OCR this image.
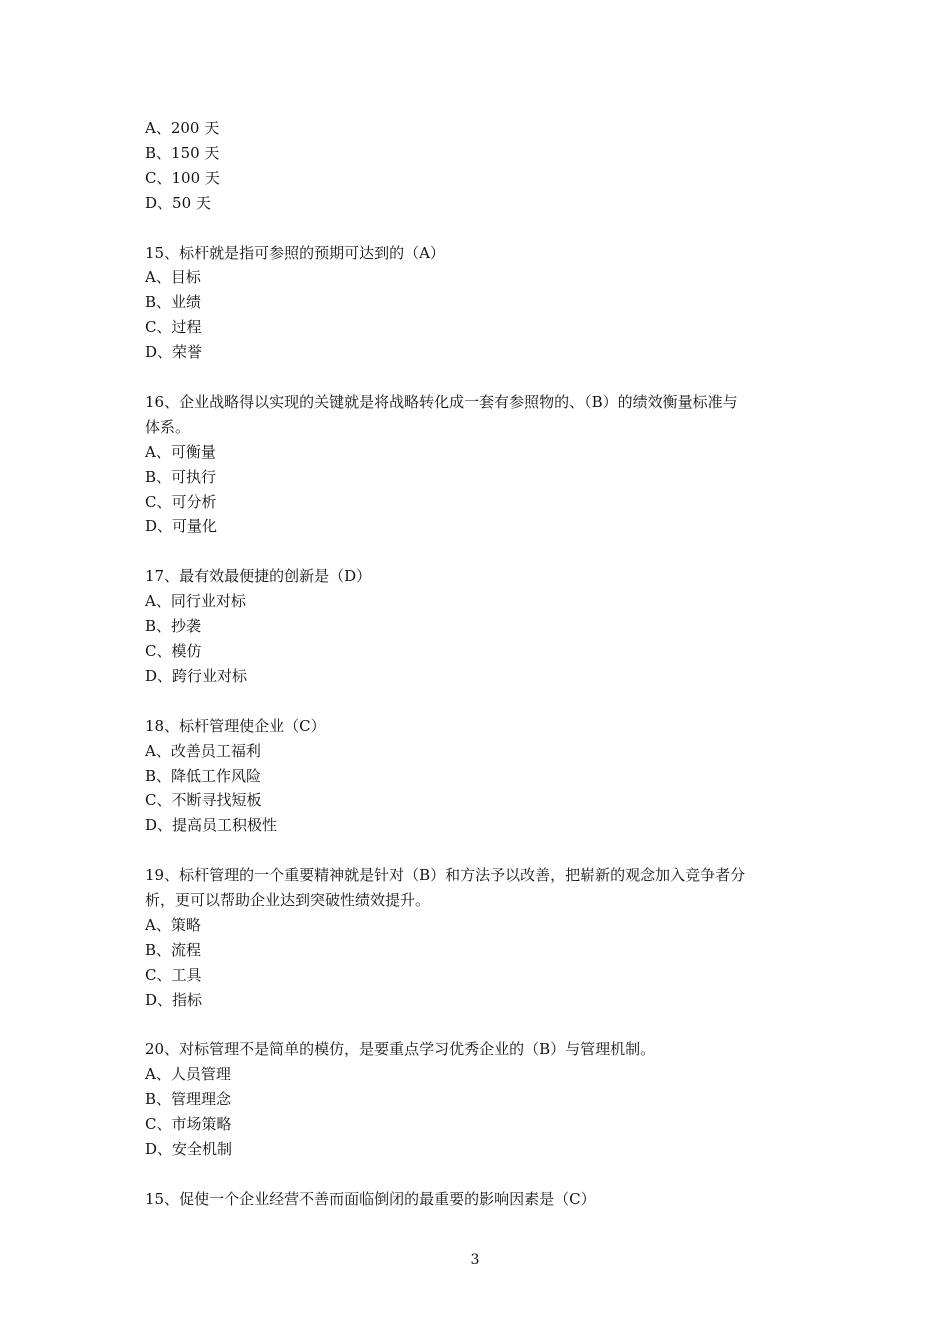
A、200 天
B、150 天
C、100 天
D、50 天
15、标杆就是指可参照的预期可达到的（A）
A、目标
B、业绩
C、过程
D、荣誉
16、企业战略得以实现的关键就是将战略转化成一套有参照物的、（B）的绩效衡量标准与
体系。
A、可衡量
B、可执行
C、可分析
D、可量化
17、最有效最便捷的创新是（D）
A、同行业对标
B、抄袭
C、模仿
D、跨行业对标
18、标杆管理使企业（C）
A、改善员工福利
B、降低工作风险
C、不断寻找短板
D、提高员工积极性
19、标杆管理的一个重要精神就是针对（B）和方法予以改善，把崭新的观念加入竞争者分
析，更可以帮助企业达到突破性绩效提升。
A、策略
B、流程
C、工具
D、指标
20、对标管理不是简单的模仿，是要重点学习优秀企业的（B）与管理机制。
A、人员管理
B、管理理念
C、市场策略
D、安全机制
15、促使一个企业经营不善而面临倒闭的最重要的影响因素是（C）
3
